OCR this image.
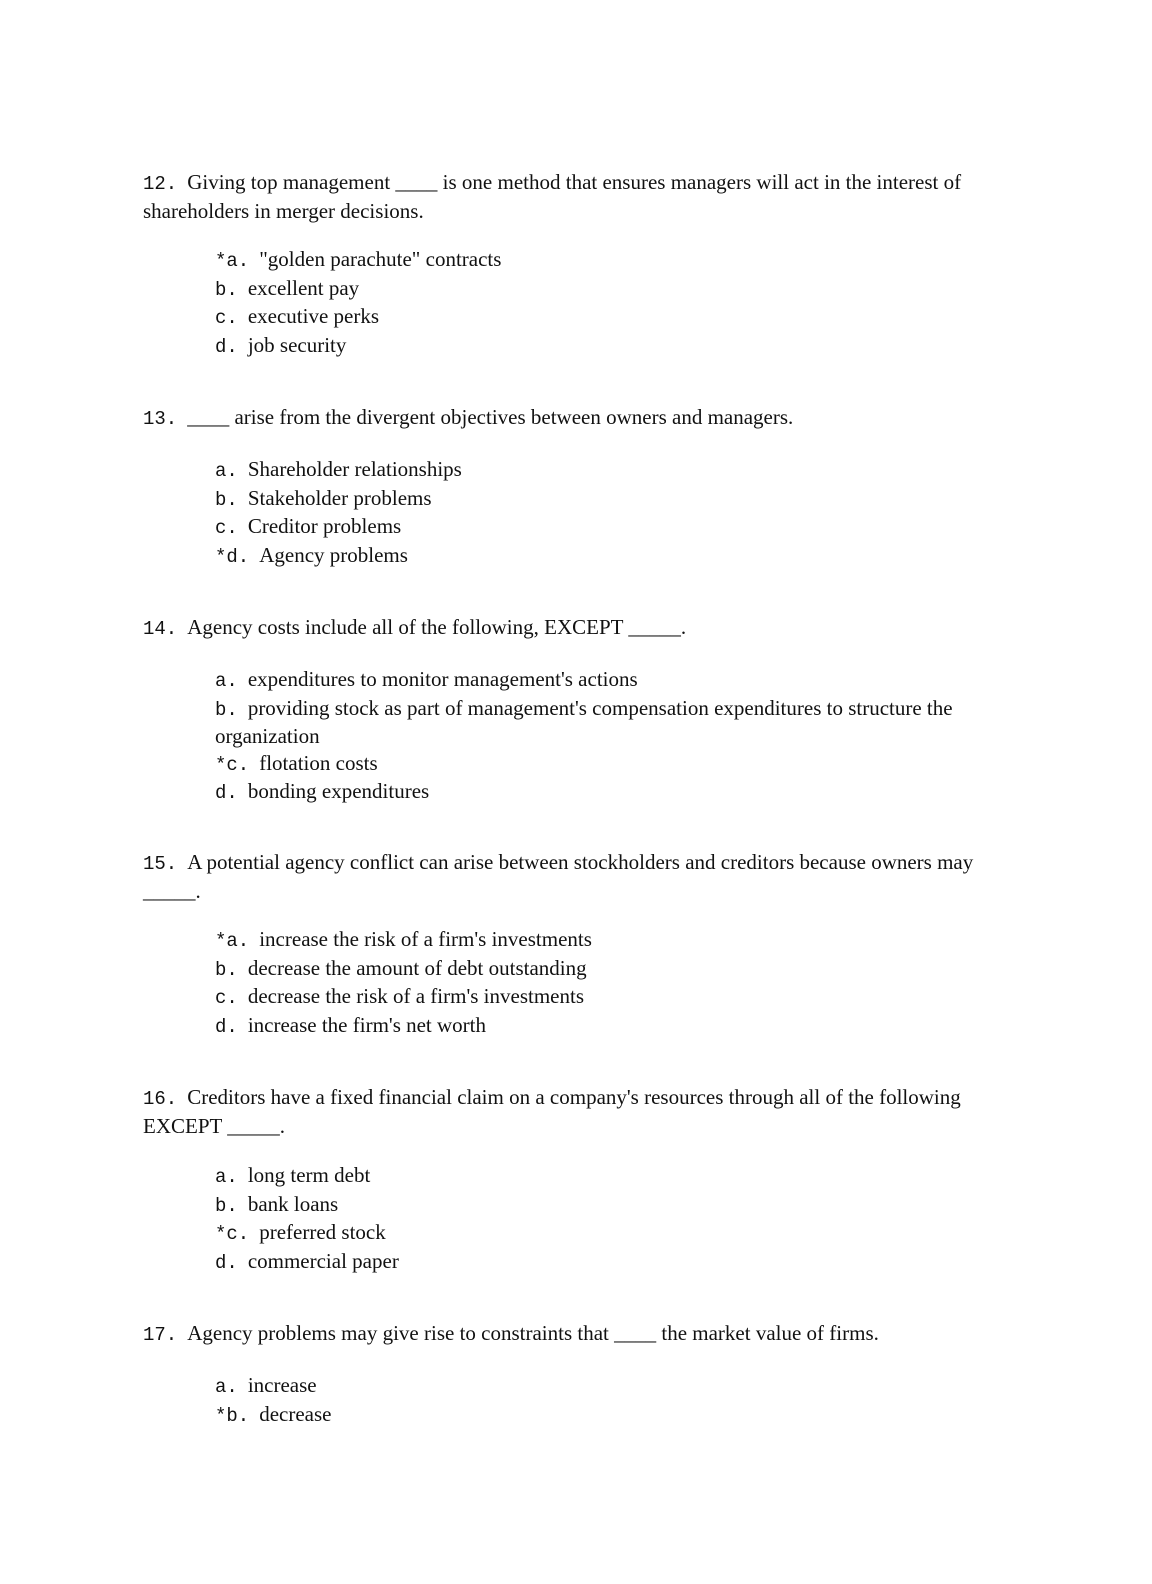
12. Giving top management ____ is one method that ensures managers will act in the interest of shareholders in merger decisions.
*a. "golden parachute" contracts
b. excellent pay
c. executive perks
d. job security
13. ____ arise from the divergent objectives between owners and managers.
a. Shareholder relationships
b. Stakeholder problems
c. Creditor problems
*d. Agency problems
14. Agency costs include all of the following, EXCEPT _____.
a. expenditures to monitor management's actions
b. providing stock as part of management's compensation expenditures to structure the organization
*c. flotation costs
d. bonding expenditures
15. A potential agency conflict can arise between stockholders and creditors because owners may _____.
*a. increase the risk of a firm's investments
b. decrease the amount of debt outstanding
c. decrease the risk of a firm's investments
d. increase the firm's net worth
16. Creditors have a fixed financial claim on a company's resources through all of the following EXCEPT _____.
a. long term debt
b. bank loans
*c. preferred stock
d. commercial paper
17. Agency problems may give rise to constraints that ____ the market value of firms.
a. increase
*b. decrease
